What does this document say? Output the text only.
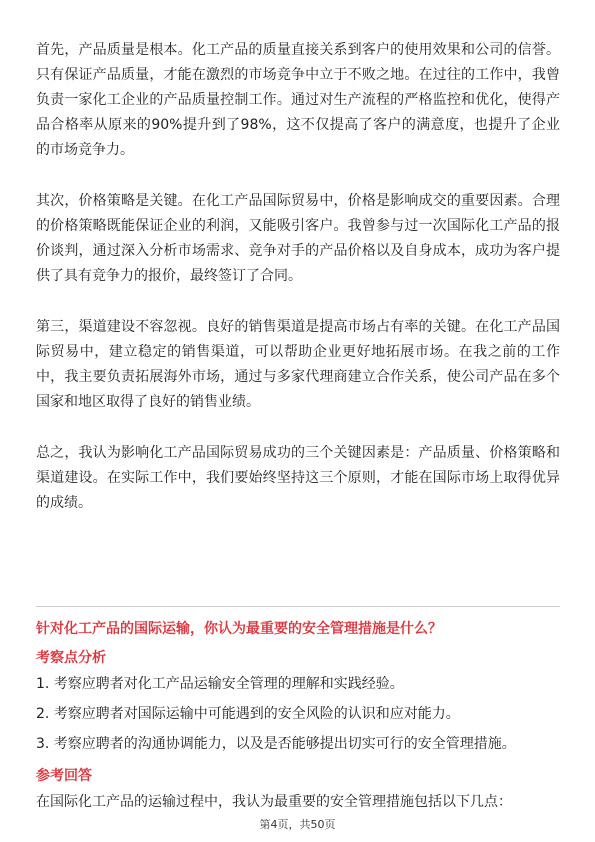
首先，产品质量是根本。化工产品的质量直接关系到客户的使用效果和公司的信誉。只有保证产品质量，才能在激烈的市场竞争中立于不败之地。在过往的工作中，我曾负责一家化工企业的产品质量控制工作。通过对生产流程的严格监控和优化，使得产品合格率从原来的90%提升到了98%，这不仅提高了客户的满意度，也提升了企业的市场竞争力。

其次，价格策略是关键。在化工产品国际贸易中，价格是影响成交的重要因素。合理的价格策略既能保证企业的利润，又能吸引客户。我曾参与过一次国际化工产品的报价谈判，通过深入分析市场需求、竞争对手的产品价格以及自身成本，成功为客户提供了具有竞争力的报价，最终签订了合同。

第三，渠道建设不容忽视。良好的销售渠道是提高市场占有率的关键。在化工产品国际贸易中，建立稳定的销售渠道，可以帮助企业更好地拓展市场。在我之前的工作中，我主要负责拓展海外市场，通过与多家代理商建立合作关系，使公司产品在多个国家和地区取得了良好的销售业绩。

总之，我认为影响化工产品国际贸易成功的三个关键因素是：产品质量、价格策略和渠道建设。在实际工作中，我们要始终坚持这三个原则，才能在国际市场上取得优异的成绩。

针对化工产品的国际运输，你认为最重要的安全管理措施是什么？

考察点分析

1. 考察应聘者对化工产品运输安全管理的理解和实践经验。

2. 考察应聘者对国际运输中可能遇到的安全风险的认识和应对能力。

3. 考察应聘者的沟通协调能力，以及是否能够提出切实可行的安全管理措施。

参考回答

在国际化工产品的运输过程中，我认为最重要的安全管理措施包括以下几点：

第4页，共50页
